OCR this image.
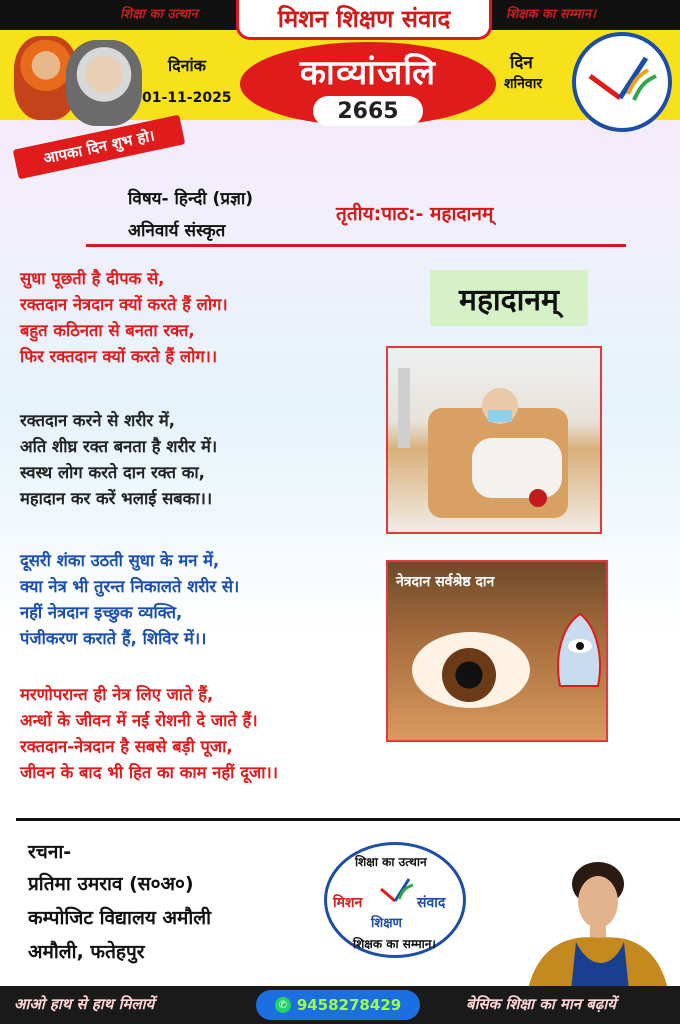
शिक्षा का उत्थान	शिक्षक का सम्मान।
आपका दिन शुभ हो।
मिशन शिक्षण संवाद
काव्यांजलि
2665
दिनांक
01-11-2025
दिन
शनिवार
विषय- हिन्दी (प्रज्ञा)
अनिवार्य संस्कृत
तृतीय:पाठ:- महादानम्
सुधा पूछती है दीपक से,
रक्तदान नेत्रदान क्यों करते हैं लोग।
बहुत कठिनता से बनता रक्त,
फिर रक्तदान क्यों करते हैं लोग।।
रक्तदान करने से शरीर में,
अति शीघ्र रक्त बनता है शरीर में।
स्वस्थ लोग करते दान रक्त का,
महादान कर करें भलाई सबका।।
दूसरी शंका उठती सुधा के मन में,
क्या नेत्र भी तुरन्त निकालते शरीर से।
नहीं नेत्रदान इच्छुक व्यक्ति,
पंजीकरण कराते हैं, शिविर में।।
मरणोपरान्त ही नेत्र लिए जाते हैं,
अन्धों के जीवन में नई रोशनी दे जाते हैं।
रक्तदान-नेत्रदान है सबसे बड़ी पूजा,
जीवन के बाद भी हित का काम नहीं दूजा।।
महादानम्
नेत्रदान सर्वश्रेष्ठ दान
रचना-
प्रतिमा उमराव (स०अ०)
कम्पोजिट विद्यालय अमौली
अमौली, फतेहपुर
शिक्षा का उत्थान
मिशन	संवाद
शिक्षण
शिक्षक का सम्मान।
आओ हाथ से हाथ मिलायें	✆ 9458278429	बेसिक शिक्षा का मान बढ़ायें
